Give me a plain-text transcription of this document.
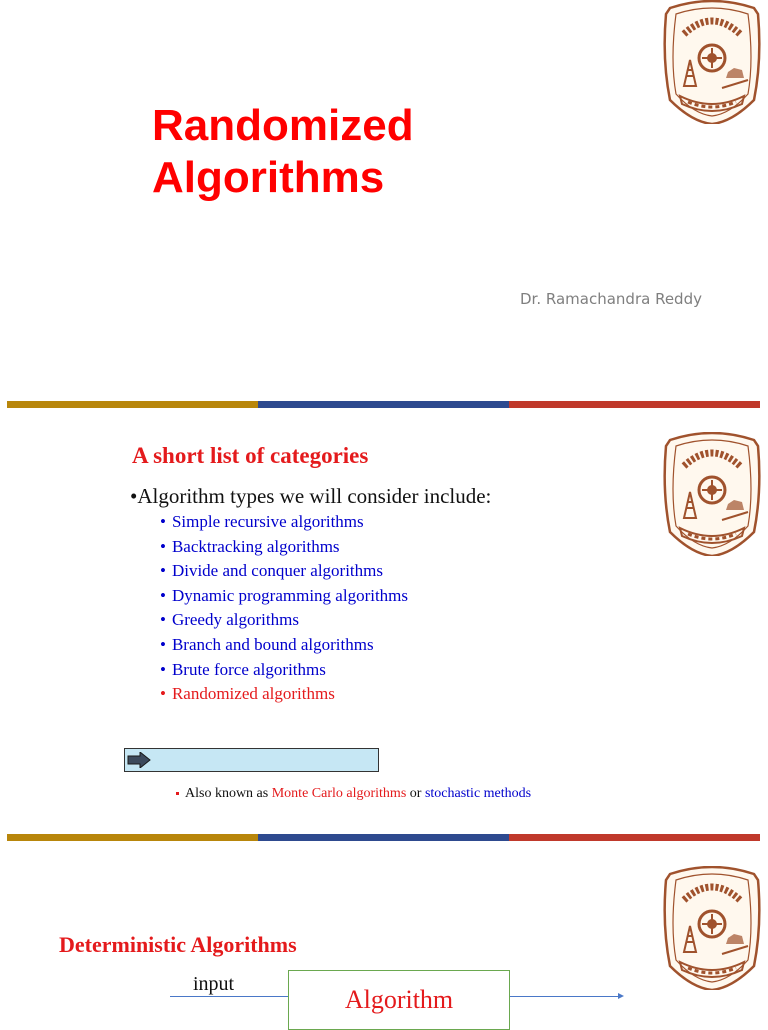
Randomized
Algorithms
Dr. Ramachandra Reddy
A short list of categories
•Algorithm types we will consider include:
• Simple recursive algorithms
• Backtracking algorithms
• Divide and conquer algorithms
• Dynamic programming algorithms
• Greedy algorithms
• Branch and bound algorithms
• Brute force algorithms
• Randomized algorithms
Also known as Monte Carlo algorithms or stochastic methods
Deterministic Algorithms
input
Algorithm
